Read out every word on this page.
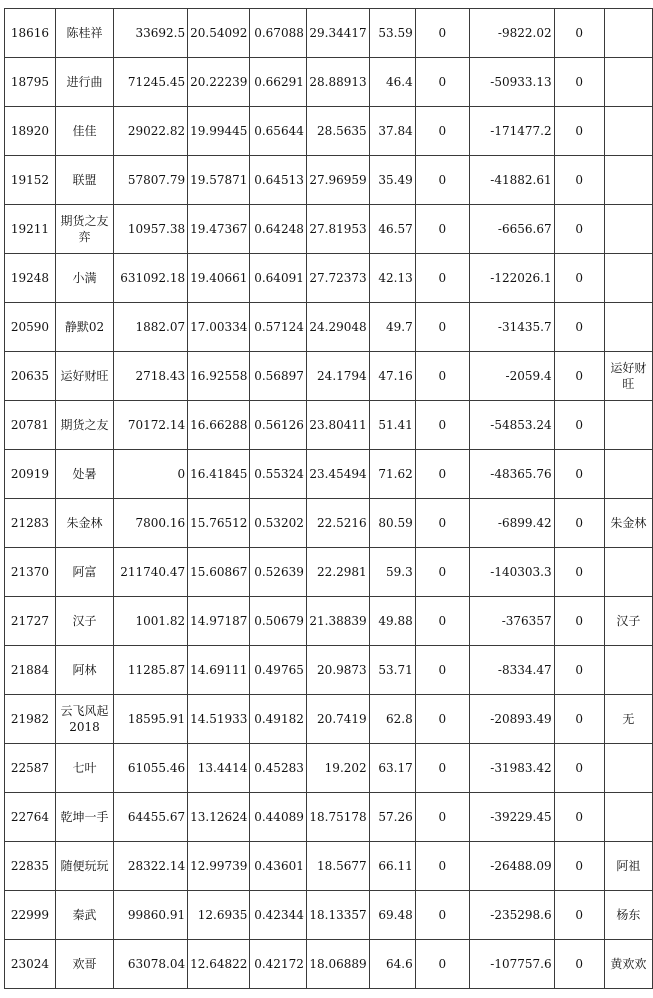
18616	陈桂祥	33692.5	20.54092	0.67088	29.34417	53.59	0	-9822.02	0	
18795	进行曲	71245.45	20.22239	0.66291	28.88913	46.4	0	-50933.13	0	
18920	佳佳	29022.82	19.99445	0.65644	28.5635	37.84	0	-171477.2	0	
19152	联盟	57807.79	19.57871	0.64513	27.96959	35.49	0	-41882.61	0	
19211	期货之友弈	10957.38	19.47367	0.64248	27.81953	46.57	0	-6656.67	0	
19248	小满	631092.18	19.40661	0.64091	27.72373	42.13	0	-122026.1	0	
20590	静默02	1882.07	17.00334	0.57124	24.29048	49.7	0	-31435.7	0	
20635	运好财旺	2718.43	16.92558	0.56897	24.1794	47.16	0	-2059.4	0	运好财旺
20781	期货之友	70172.14	16.66288	0.56126	23.80411	51.41	0	-54853.24	0	
20919	处暑	0	16.41845	0.55324	23.45494	71.62	0	-48365.76	0	
21283	朱金林	7800.16	15.76512	0.53202	22.5216	80.59	0	-6899.42	0	朱金林
21370	阿富	211740.47	15.60867	0.52639	22.2981	59.3	0	-140303.3	0	
21727	汉子	1001.82	14.97187	0.50679	21.38839	49.88	0	-376357	0	汉子
21884	阿林	11285.87	14.69111	0.49765	20.9873	53.71	0	-8334.47	0	
21982	云飞风起2018	18595.91	14.51933	0.49182	20.7419	62.8	0	-20893.49	0	无
22587	七叶	61055.46	13.4414	0.45283	19.202	63.17	0	-31983.42	0	
22764	乾坤一手	64455.67	13.12624	0.44089	18.75178	57.26	0	-39229.45	0	
22835	随便玩玩	28322.14	12.99739	0.43601	18.5677	66.11	0	-26488.09	0	阿祖
22999	秦武	99860.91	12.6935	0.42344	18.13357	69.48	0	-235298.6	0	杨东
23024	欢哥	63078.04	12.64822	0.42172	18.06889	64.6	0	-107757.6	0	黄欢欢
